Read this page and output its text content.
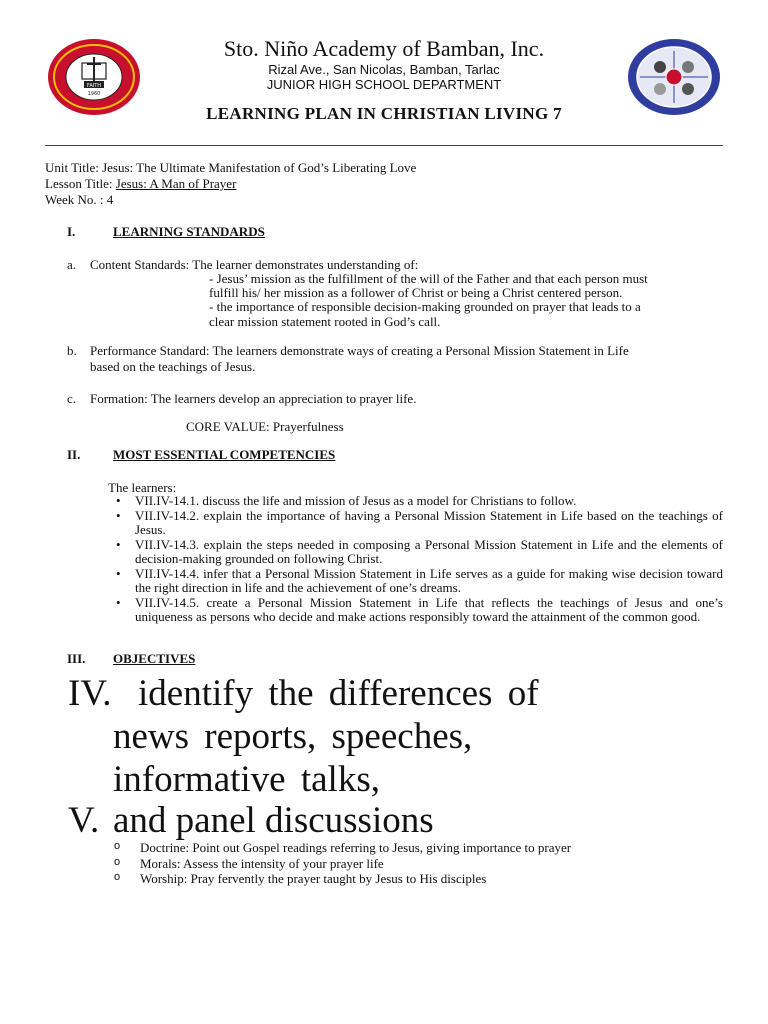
FAITH
1960
Sto. Niño Academy of Bamban, Inc.
Rizal Ave., San Nicolas, Bamban, Tarlac
JUNIOR HIGH SCHOOL DEPARTMENT
LEARNING PLAN IN CHRISTIAN LIVING 7
Unit Title: Jesus: The Ultimate Manifestation of God’s Liberating Love
Lesson Title: Jesus: A Man of Prayer
Week No. : 4
I.	LEARNING STANDARDS
a. Content Standards: The learner demonstrates understanding of:
- Jesus’ mission as the fulfillment of the will of the Father and that each person must
fulfill his/ her mission as a follower of Christ or being a Christ centered person.
- the importance of responsible decision-making grounded on prayer that leads to a
clear mission statement rooted in God’s call.
b. Performance Standard: The learners demonstrate ways of creating a Personal Mission Statement in Life
based on the teachings of Jesus.
c. Formation: The learners develop an appreciation to prayer life.
CORE VALUE: Prayerfulness
II.	MOST ESSENTIAL COMPETENCIES
The learners:
• VII.IV-14.1. discuss the life and mission of Jesus as a model for Christians to follow.
• VII.IV-14.2. explain the importance of having a Personal Mission Statement in Life based on the teachings of Jesus.
• VII.IV-14.3. explain the steps needed in composing a Personal Mission Statement in Life and the elements of decision-making grounded on following Christ.
• VII.IV-14.4. infer that a Personal Mission Statement in Life serves as a guide for making wise decision toward the right direction in life and the achievement of one’s dreams.
• VII.IV-14.5. create a Personal Mission Statement in Life that reflects the teachings of Jesus and one’s uniqueness as persons who decide and make actions responsibly toward the attainment of the common good.
III. OBJECTIVES
IV. identify the differences of
news reports, speeches,
informative talks,
V. and panel discussions
o Doctrine: Point out Gospel readings referring to Jesus, giving importance to prayer
o Morals: Assess the intensity of your prayer life
o Worship: Pray fervently the prayer taught by Jesus to His disciples
